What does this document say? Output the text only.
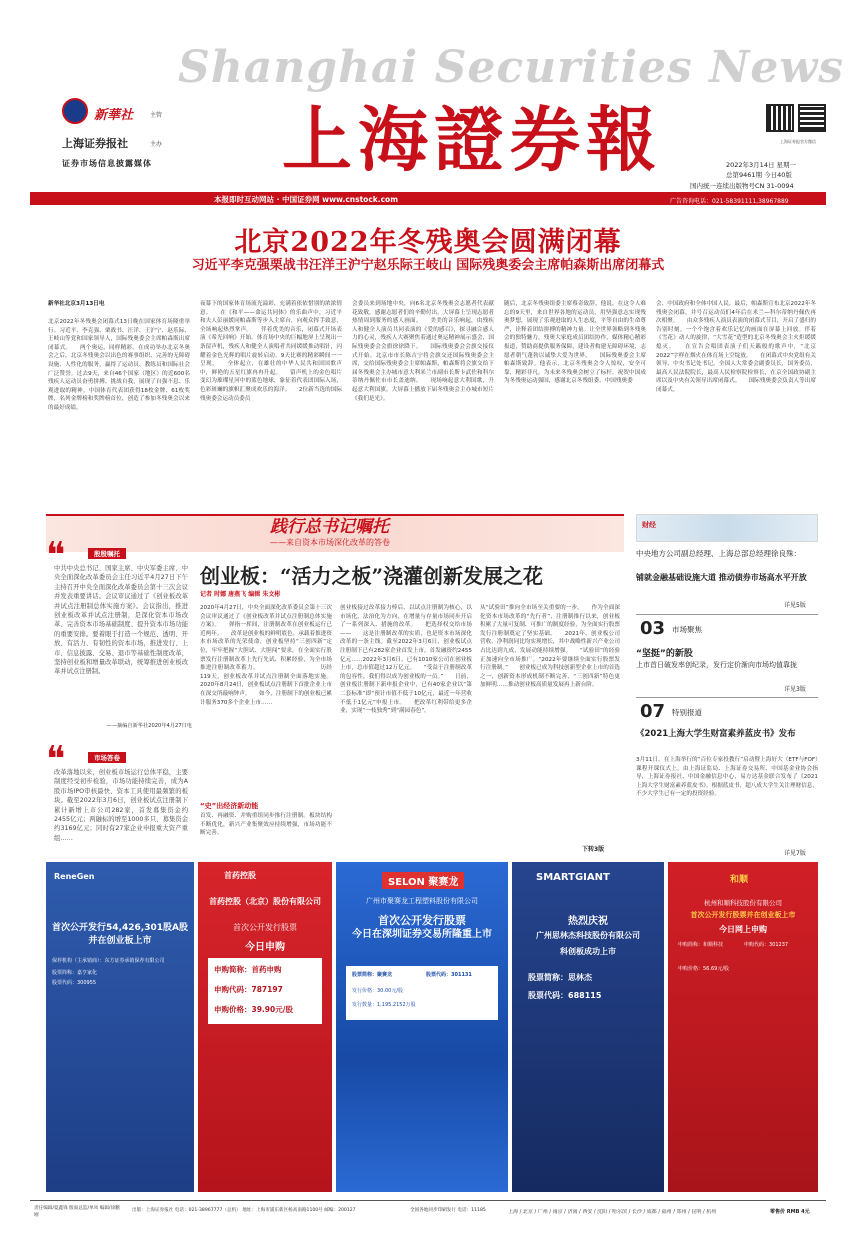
Shanghai Securities News
上海證券報
新華社	主管
上海证券报社	主办
证券市场信息披露媒体
上海证券报官方微信
2022年3月14日 星期一
总第9461期 今日40版
国内统一连续出版物号CN 31-0094
本报即时互动网站 · 中国证券网 www.cnstock.com	广告咨询电话：021-58391111,38967889
北京2022年冬残奥会圆满闭幕
习近平李克强栗战书汪洋王沪宁赵乐际王岐山 国际残奥委会主席帕森斯出席闭幕式
新华社北京3月13日电
北京2022年冬残奥会闭幕式13日晚在国家体育场隆重举行。习近平、李克强、栗战书、汪洋、王沪宁、赵乐际、王岐山等党和国家领导人，国际残奥委会主席帕森斯出席闭幕式。　　两个奥运，同样精彩。在成功举办北京冬奥会之后，北京冬残奥会以出色的赛事组织、完善的无障碍设施、人性化的服务，赢得了运动员、教练员和国际社会广泛赞誉。过去9天，来自46个国家（地区）的近600名残疾人运动员奋勇拼搏、挑战自我，展现了自强不息、乐观进取的精神。中国体育代表团获得18枚金牌、61枚奖牌，名列金牌榜和奖牌榜首位，创造了参加冬残奥会以来的最好成绩。
夜幕下的国家体育场流光溢彩，充满着依依惜别的浓浓情意。　　在《和平——命运共同体》的乐曲声中，习近平和夫人彭丽媛同帕森斯等步入主席台，向观众挥手致意，全场响起热烈掌声。　　伴着优美的音乐，闭幕式开场表演《希光回响》开始。体育场中央的巨幅地屏上呈现出一条留声机，残疾人和健全人演唱者共同缓缓推动唱针，闪耀着金色光辉的唱片旋转启动。9天比赛的精彩瞬间一一呈现。　　全体起立，在雄壮的中华人民共和国国歌声中，鲜艳的五星红旗冉冉升起。　　留声机上的金色唱片变幻为璀璨星河中的蓝色地球，象征着代表团国际入场，色彩斑斓的旗帜汇聚成欢乐的海洋。　　2位新当选的国际残奥委会运动员委员
会委员来到场地中央，向6名北京冬残奥会志愿者代表献花致敬，感谢志愿者们的辛勤付出。大屏幕上呈现志愿者热情周到服务的感人画面。　　美美的音乐响起，由残疾人和健全人演员共同表演的《爱的感召》，探寻融合感人力的心灵，残疾人大赛聚焦着通过奥运精神展示盛会，国际残奥委会会旗徐徐降下。　　国际残奥委会会旗交接仪式开始。北京市市长陈吉宁将会旗交还国际残奥委会主席，交给国际残奥委会主席帕森斯，帕森斯将会旗交给下届冬残奥会主办城市意大利米兰市副市长斯卡武佐和科尔蒂纳丹佩佐市市长盖迪纳。　　现场响起意大利国歌，升起意大利国旗。大屏幕上播放下届冬残奥会主办城市短片《我们是光》。
随后，北京冬残奥组委主席蔡奇致辞。他说，在这令人难忘的9天里，来自世界各地的运动员，用坚强意志实现残奥梦想，展现了乐观进取的人生态度，平等自由的生命尊严，诠释着团结拼搏的精神力量。让全世界领略到冬残奥会的独特魅力。残奥大家庭成员团结协作，媒体精心精彩报道，赞助商提供服务保障，建设者构建无障碍环境，志愿者朝气蓬勃以诚挚大爱为世界。　　国际残奥委会主席帕森斯致辞。他表示，北京冬残奥会令人惊叹，安全可靠，精彩非凡。为未来冬残奥会树立了标杆。祝贺中国成为冬残奥运动强国，感谢北京冬残组委、中国残奥委
会、中国政府和全体中国人民。最后，帕森斯宣布北京2022年冬残奥会闭幕，并号召运动员们4年后在米兰—科尔蒂纳丹佩佐再次相聚。　　由众多残疾人演员表演的闭幕式节目，开启了盛归的告别时刻。一个个饱含着欢乐记忆的画面在屏幕上回放。伴着《雪花》动人的旋律，“大雪花”造型的北京冬残奥会主火炬缓缓熄灭。　　在宣告会唱团表演子们天籁般的歌声中，“北京2022”字样在烟火在体育场上空绽放。　　在闭幕式中央党组有关领导、中央书记处书记，全国人大常委会副委员长，国务委员，最高人民法院院长，最高人民检察院检察长，在京全国政协副主席以及中央有关领导出席闭幕式。　　国际残奥委会负责人等出席闭幕式。
践行总书记嘱托
——来自资本市场深化改革的答卷
创业板：“活力之板”浇灌创新发展之花
记者 时娜 唐燕飞 编辑 朱文彬
❝	殷殷嘱托
中共中央总书记、国家主席、中央军委主席、中央全面深化改革委员会主任习近平4月27日下午主持召开中央全面深化改革委员会第十三次会议并发表重要讲话。会议审议通过了《创业板改革并试点注册制总体实施方案》。会议指出，推进创业板改革并试点注册制，是深化资本市场改革、完善资本市场基础制度、提升资本市场功能的重要安排。要着眼于打造一个规范、透明、开放、有活力、有韧性的资本市场，推进发行、上市、信息披露、交易、退市等基础性制度改革，坚持创业板和增量改革联动，统筹推进创业板改革并试点注册制。
——摘编自新华社2020年4月27日电
❝	市场答卷
改革落地以来，创业板市场运行总体平稳，主要制度经受初步检验，市场功能持续完善，成为A股市场IPO审核最快、资本工具使用最频繁的板块。截至2022年3月6日，创业板试点注册制下累计新增上市公司282家，首发募集资金约2455亿元；两融标的增至1000多只，募集资金约3169亿元；同时有27家企业申报重大资产重组……
2020年4月27日，中央全面深化改革委员会第十三次会议审议通过了《创业板改革并试点注册制总体实施方案》。　　弹指一挥间，注册制改革在创业板运行已近两年。　　改革是创业板的鲜明底色。承载着推进资本市场改革的光荣使命，创业板坚持“三创四新”定位，牢牢把握“大胆试、大胆闯”要求，在全面实行股票发行注册制改革上先行先试、积累经验，为全市场推进注册制改革蓄力。　　　　　　　　　　　历经119天，创业板改革并试点注册制全面落地实施。2020年8月24日，创业板试点注册制下首批企业上市在深交所敲响钟声。　　如今，注册制下的创业板已累计服务370多个企业上市……
“史”出经济新动能
首发、再融资、并购重组同步推行注册制。板块结构不断优化，新兴产业集聚效应持续增强，市场功能不断完善。
创业板接过改革接力棒后，以试点注册制为核心，以市场化、法治化为方向，在增量与存量市场同步开启了一系列深入、措施的改革。　　把选择权交给市场——　　这是注册制改革的实质，也是资本市场深化改革的一条主线。截至2022年3月6日，创业板试点注册制下已有282家企业首发上市，首发融资约2455亿元……2022年3月6日，已有1010家公司在创业板上市，总市值超过12万亿元。　　“受益于注册制改革的包容性，我们得以成为创业板的一员。”　　日前，创业板注册制下新申报企业中，已有40家企业以“第二套标准”即“预计市值不低于10亿元，最近一年营收不低于1亿元”申报上市。　　把改革红利带给更多企业，实现“一枝独秀”到“满园春色”。
从“试验田”推向全市场至关重要的一步。　　作为全面深化资本市场改革的“先行者”，注册制推行以来，创业板积累了大量可复制、可推广的制度经验，为全面实行股票发行注册制奠定了坚实基础。　　2021年，创业板公司营收、净利润同比均实现增长，其中战略性新兴产业公司占比达到九成，发展动能持续增强。　　“试验田”的经验正加速向全市场推广。“2022年要继续全面实行股票发行注册制。”　　创业板已成为科技创新型企业上市的首选之一，创新资本形成机制不断完善，“三创四新”特色更加鲜明……推动创业板高质量发展再上新台阶。
下转3版
财经
中央地方公司副总经理、上海总部总经理徐良殊：
铺就金融基础设施大道 推动债券市场高水平开放
详见5版
03 市场聚焦
“坚挺”的新股
上市首日破发率创纪录，发行定价渐向市场均值靠拢
详见3版
07 特别报道
《2021上海大学生财富素养蓝皮书》发布
3月11日，在上海举行的“百位专家投教行”启动暨上海好大（ETF与FOF）课程开课仪式上，由上海证监局、上海证券交易所、中国基金业协会指导，上海证券报社、中国金融信息中心，易方达基金联合发布了《2021上海大学生财富素养蓝皮书》。根据蓝皮书，超八成大学生关注理财信息，不少大学生已有一定的投资经验。
详见7版
ReneGen
首次公开发行54,426,301股A股并在创业板上市
保荐机构（主承销商）：东方证券承销保荐有限公司
股票简称：嘉亨家化
股票代码：300955
首药控股
首药控股（北京）股份有限公司
首次公开发行股票
今日申购
申购简称：首药申购
申购代码：787197
申购价格：39.90元/股
SELON 聚赛龙
广州市聚赛龙工程塑料股份有限公司
首次公开发行股票
今日在深圳证券交易所隆重上市
股票简称：聚赛龙	股票代码：301131
发行价格：30.00元/股
发行数量：1,195.2152万股
SMARTGIANT
热烈庆祝
广州思林杰科技股份有限公司
科创板成功上市
股票简称：思林杰
股票代码：688115
和顺
杭州和顺科技股份有限公司
首次公开发行股票并在创业板上市
今日网上申购
申购简称：和顺科技	申购代码：301237
申购价格：56.69元/股
责任编辑/夏鑫锋 版面总监/单凤 编辑/徐鹏刚
出版：上海证券报社 电话：021-38967777（总机） 地址：上海市浦东新区杨高南路1100号 邮编：200127	全国各地同步印刷发行 电话：11185	上海 / 北京 / 广州 / 南京 / 济南 / 西安 / 沈阳 / 哈尔滨 / 长沙 / 成都 / 福州 / 郑州 / 昆明 / 杭州	零售价 RMB 4元
